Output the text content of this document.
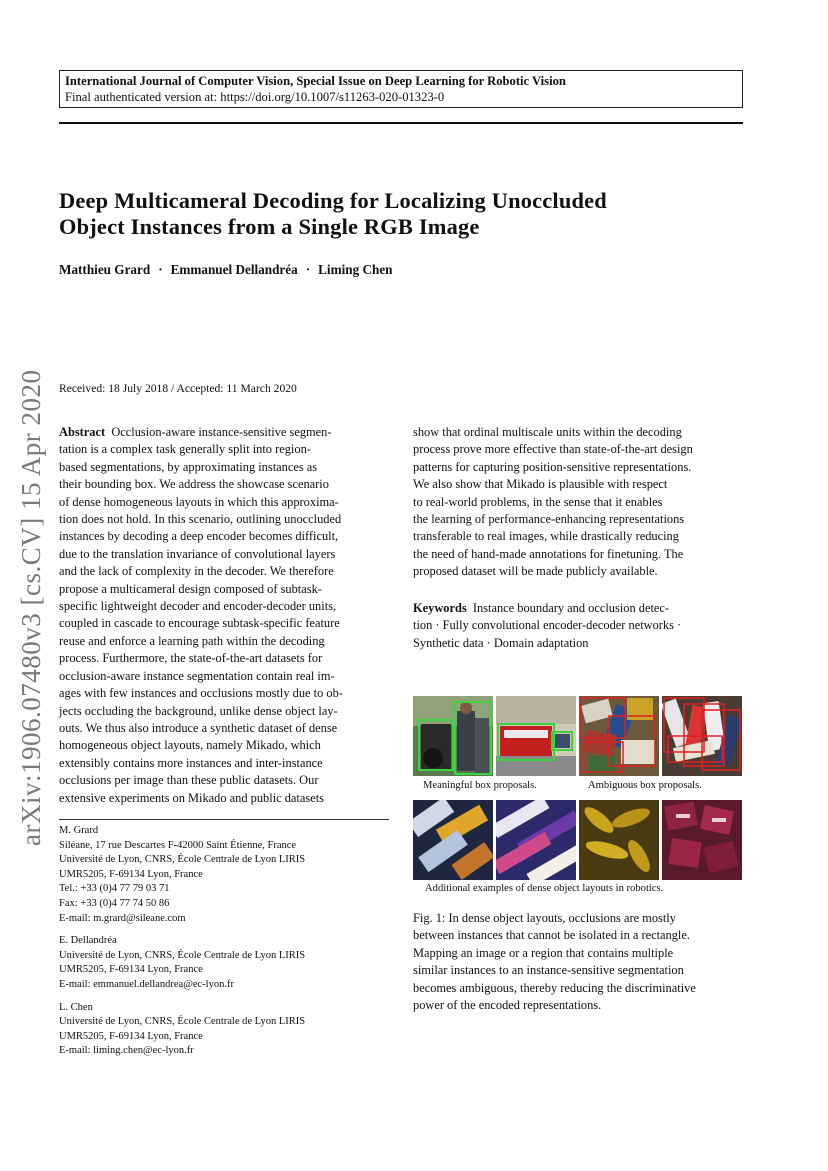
International Journal of Computer Vision, Special Issue on Deep Learning for Robotic Vision
Final authenticated version at: https://doi.org/10.1007/s11263-020-01323-0
Deep Multicameral Decoding for Localizing Unoccluded
Object Instances from a Single RGB Image
Matthieu Grard · Emmanuel Dellandréa · Liming Chen
arXiv:1906.07480v3 [cs.CV] 15 Apr 2020 Received: 18 July 2018 / Accepted: 11 March 2020
Abstract Occlusion-aware instance-sensitive segmen-
tation is a complex task generally split into region-
based segmentations, by approximating instances as
their bounding box. We address the showcase scenario
of dense homogeneous layouts in which this approxima-
tion does not hold. In this scenario, outlining unoccluded
instances by decoding a deep encoder becomes difficult,
due to the translation invariance of convolutional layers
and the lack of complexity in the decoder. We therefore
propose a multicameral design composed of subtask-
specific lightweight decoder and encoder-decoder units,
coupled in cascade to encourage subtask-specific feature
reuse and enforce a learning path within the decoding
process. Furthermore, the state-of-the-art datasets for
occlusion-aware instance segmentation contain real im-
ages with few instances and occlusions mostly due to ob-
jects occluding the background, unlike dense object lay-
outs. We thus also introduce a synthetic dataset of dense
homogeneous object layouts, namely Mikado, which
extensibly contains more instances and inter-instance
occlusions per image than these public datasets. Our
extensive experiments on Mikado and public datasets
show that ordinal multiscale units within the decoding
process prove more effective than state-of-the-art design
patterns for capturing position-sensitive representations.
We also show that Mikado is plausible with respect
to real-world problems, in the sense that it enables
the learning of performance-enhancing representations
transferable to real images, while drastically reducing
the need of hand-made annotations for finetuning. The
proposed dataset will be made publicly available.
Keywords Instance boundary and occlusion detec-
tion · Fully convolutional encoder-decoder networks ·
Synthetic data · Domain adaptation
Meaningful box proposals.	Ambiguous box proposals.
Additional examples of dense object layouts in robotics.
Fig. 1: In dense object layouts, occlusions are mostly
between instances that cannot be isolated in a rectangle.
Mapping an image or a region that contains multiple
similar instances to an instance-sensitive segmentation
becomes ambiguous, thereby reducing the discriminative
power of the encoded representations.
M. Grard
Siléane, 17 rue Descartes F-42000 Saint Étienne, France
Université de Lyon, CNRS, École Centrale de Lyon LIRIS
UMR5205, F-69134 Lyon, France
Tel.: +33 (0)4 77 79 03 71
Fax: +33 (0)4 77 74 50 86
E-mail: m.grard@sileane.com
E. Dellandréa
Université de Lyon, CNRS, École Centrale de Lyon LIRIS
UMR5205, F-69134 Lyon, France
E-mail: emmanuel.dellandrea@ec-lyon.fr
L. Chen
Université de Lyon, CNRS, École Centrale de Lyon LIRIS
UMR5205, F-69134 Lyon, France
E-mail: liming.chen@ec-lyon.fr
